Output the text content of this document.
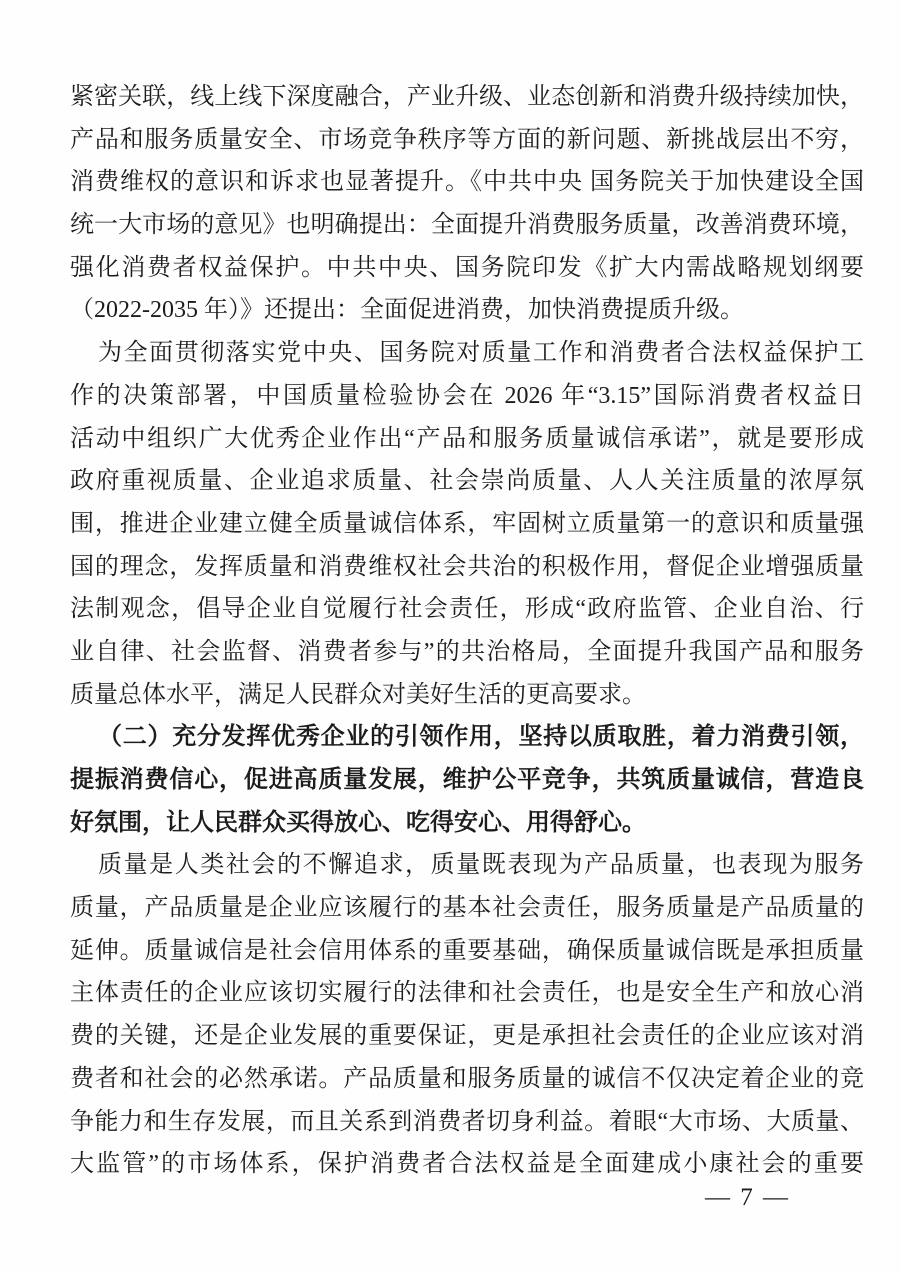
紧密关联，线上线下深度融合，产业升级、业态创新和消费升级持续加快，
产品和服务质量安全、市场竞争秩序等方面的新问题、新挑战层出不穷，
消费维权的意识和诉求也显著提升。《中共中央 国务院关于加快建设全国
统一大市场的意见》也明确提出：全面提升消费服务质量，改善消费环境，
强化消费者权益保护。中共中央、国务院印发《扩大内需战略规划纲要
（2022-2035 年）》还提出：全面促进消费，加快消费提质升级。
为全面贯彻落实党中央、国务院对质量工作和消费者合法权益保护工
作的决策部署，中国质量检验协会在 2026 年“3.15”国际消费者权益日
活动中组织广大优秀企业作出“产品和服务质量诚信承诺”，就是要形成
政府重视质量、企业追求质量、社会崇尚质量、人人关注质量的浓厚氛
围，推进企业建立健全质量诚信体系，牢固树立质量第一的意识和质量强
国的理念，发挥质量和消费维权社会共治的积极作用，督促企业增强质量
法制观念，倡导企业自觉履行社会责任，形成“政府监管、企业自治、行
业自律、社会监督、消费者参与”的共治格局，全面提升我国产品和服务
质量总体水平，满足人民群众对美好生活的更高要求。
（二）充分发挥优秀企业的引领作用，坚持以质取胜，着力消费引领，
提振消费信心，促进高质量发展，维护公平竞争，共筑质量诚信，营造良
好氛围，让人民群众买得放心、吃得安心、用得舒心。
质量是人类社会的不懈追求，质量既表现为产品质量，也表现为服务
质量，产品质量是企业应该履行的基本社会责任，服务质量是产品质量的
延伸。质量诚信是社会信用体系的重要基础，确保质量诚信既是承担质量
主体责任的企业应该切实履行的法律和社会责任，也是安全生产和放心消
费的关键，还是企业发展的重要保证，更是承担社会责任的企业应该对消
费者和社会的必然承诺。产品质量和服务质量的诚信不仅决定着企业的竞
争能力和生存发展，而且关系到消费者切身利益。着眼“大市场、大质量、
大监管”的市场体系，保护消费者合法权益是全面建成小康社会的重要
— 7 —
